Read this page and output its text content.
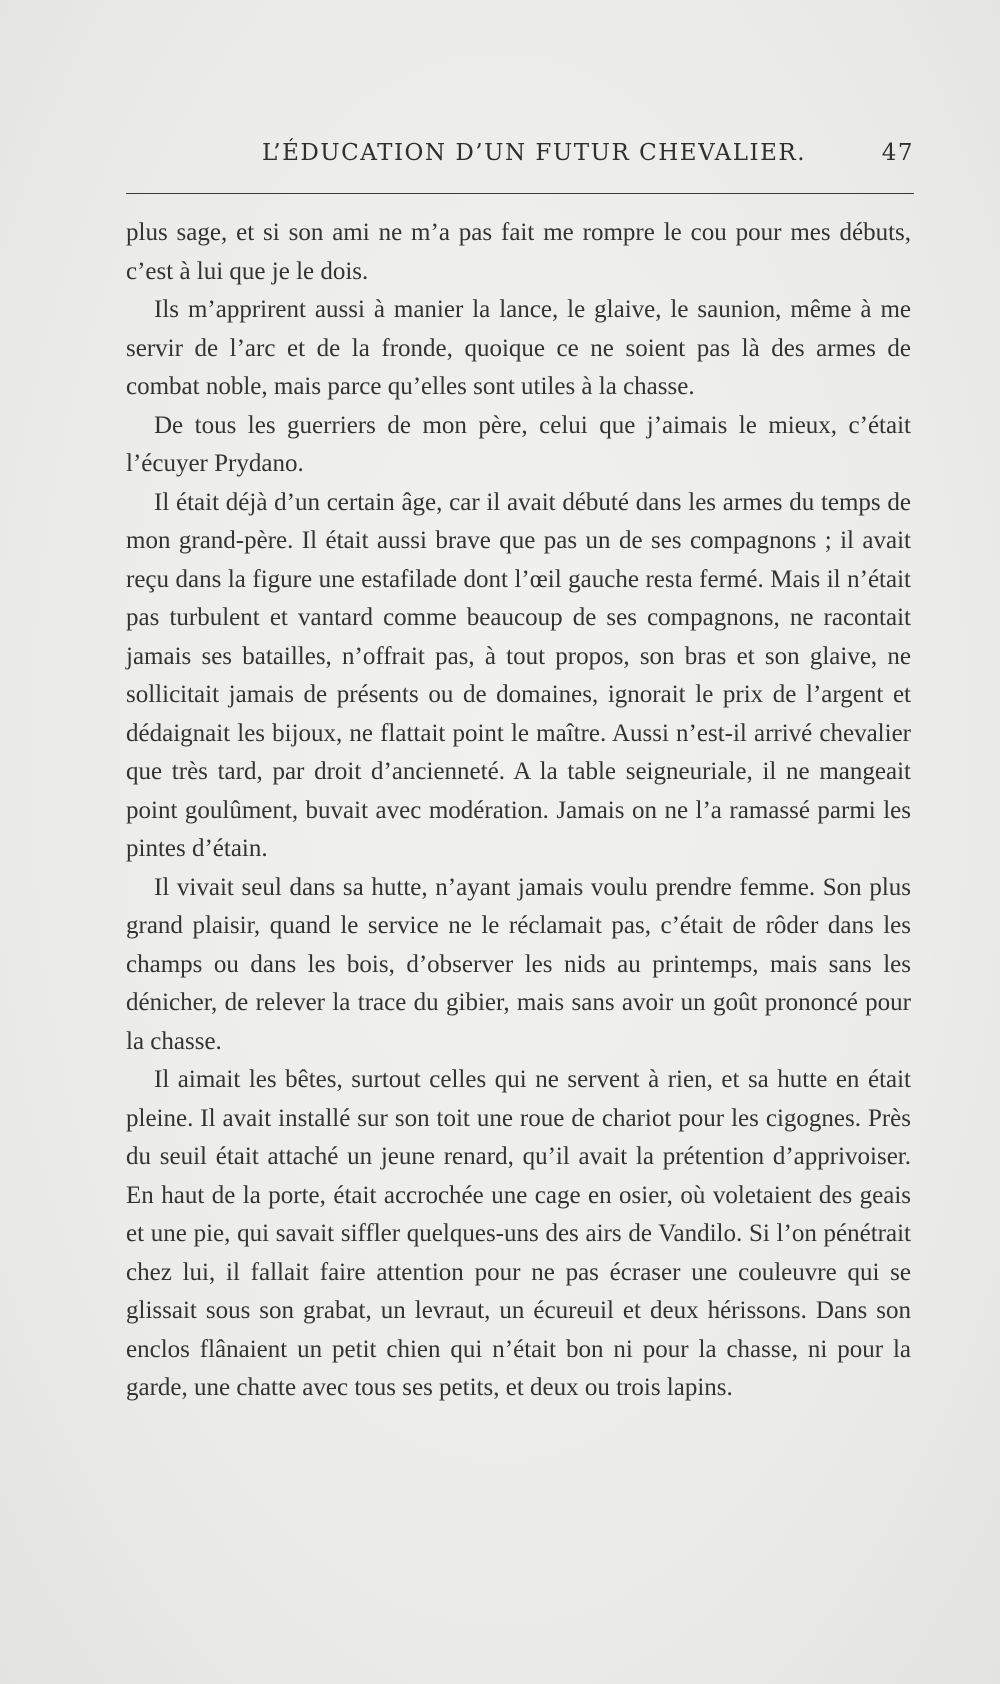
L’ÉDUCATION D’UN FUTUR CHEVALIER.	47

plus sage, et si son ami ne m’a pas fait me rompre le cou pour mes débuts, c’est à lui que je le dois.

Ils m’apprirent aussi à manier la lance, le glaive, le saunion, même à me servir de l’arc et de la fronde, quoique ce ne soient pas là des armes de combat noble, mais parce qu’elles sont utiles à la chasse.

De tous les guerriers de mon père, celui que j’aimais le mieux, c’était l’écuyer Prydano.

Il était déjà d’un certain âge, car il avait débuté dans les armes du temps de mon grand-père. Il était aussi brave que pas un de ses compagnons ; il avait reçu dans la figure une estafilade dont l’œil gauche resta fermé. Mais il n’était pas turbulent et vantard comme beaucoup de ses compagnons, ne racontait jamais ses batailles, n’offrait pas, à tout propos, son bras et son glaive, ne sollicitait jamais de présents ou de domaines, ignorait le prix de l’argent et dédaignait les bijoux, ne flattait point le maître. Aussi n’est-il arrivé chevalier que très tard, par droit d’ancienneté. A la table seigneuriale, il ne mangeait point goulûment, buvait avec modération. Jamais on ne l’a ramassé parmi les pintes d’étain.

Il vivait seul dans sa hutte, n’ayant jamais voulu prendre femme. Son plus grand plaisir, quand le service ne le réclamait pas, c’était de rôder dans les champs ou dans les bois, d’observer les nids au printemps, mais sans les dénicher, de relever la trace du gibier, mais sans avoir un goût prononcé pour la chasse.

Il aimait les bêtes, surtout celles qui ne servent à rien, et sa hutte en était pleine. Il avait installé sur son toit une roue de chariot pour les cigognes. Près du seuil était attaché un jeune renard, qu’il avait la prétention d’apprivoiser. En haut de la porte, était accrochée une cage en osier, où voletaient des geais et une pie, qui savait siffler quelques-uns des airs de Vandilo. Si l’on pénétrait chez lui, il fallait faire attention pour ne pas écraser une couleuvre qui se glissait sous son grabat, un levraut, un écureuil et deux hérissons. Dans son enclos flânaient un petit chien qui n’était bon ni pour la chasse, ni pour la garde, une chatte avec tous ses petits, et deux ou trois lapins.
